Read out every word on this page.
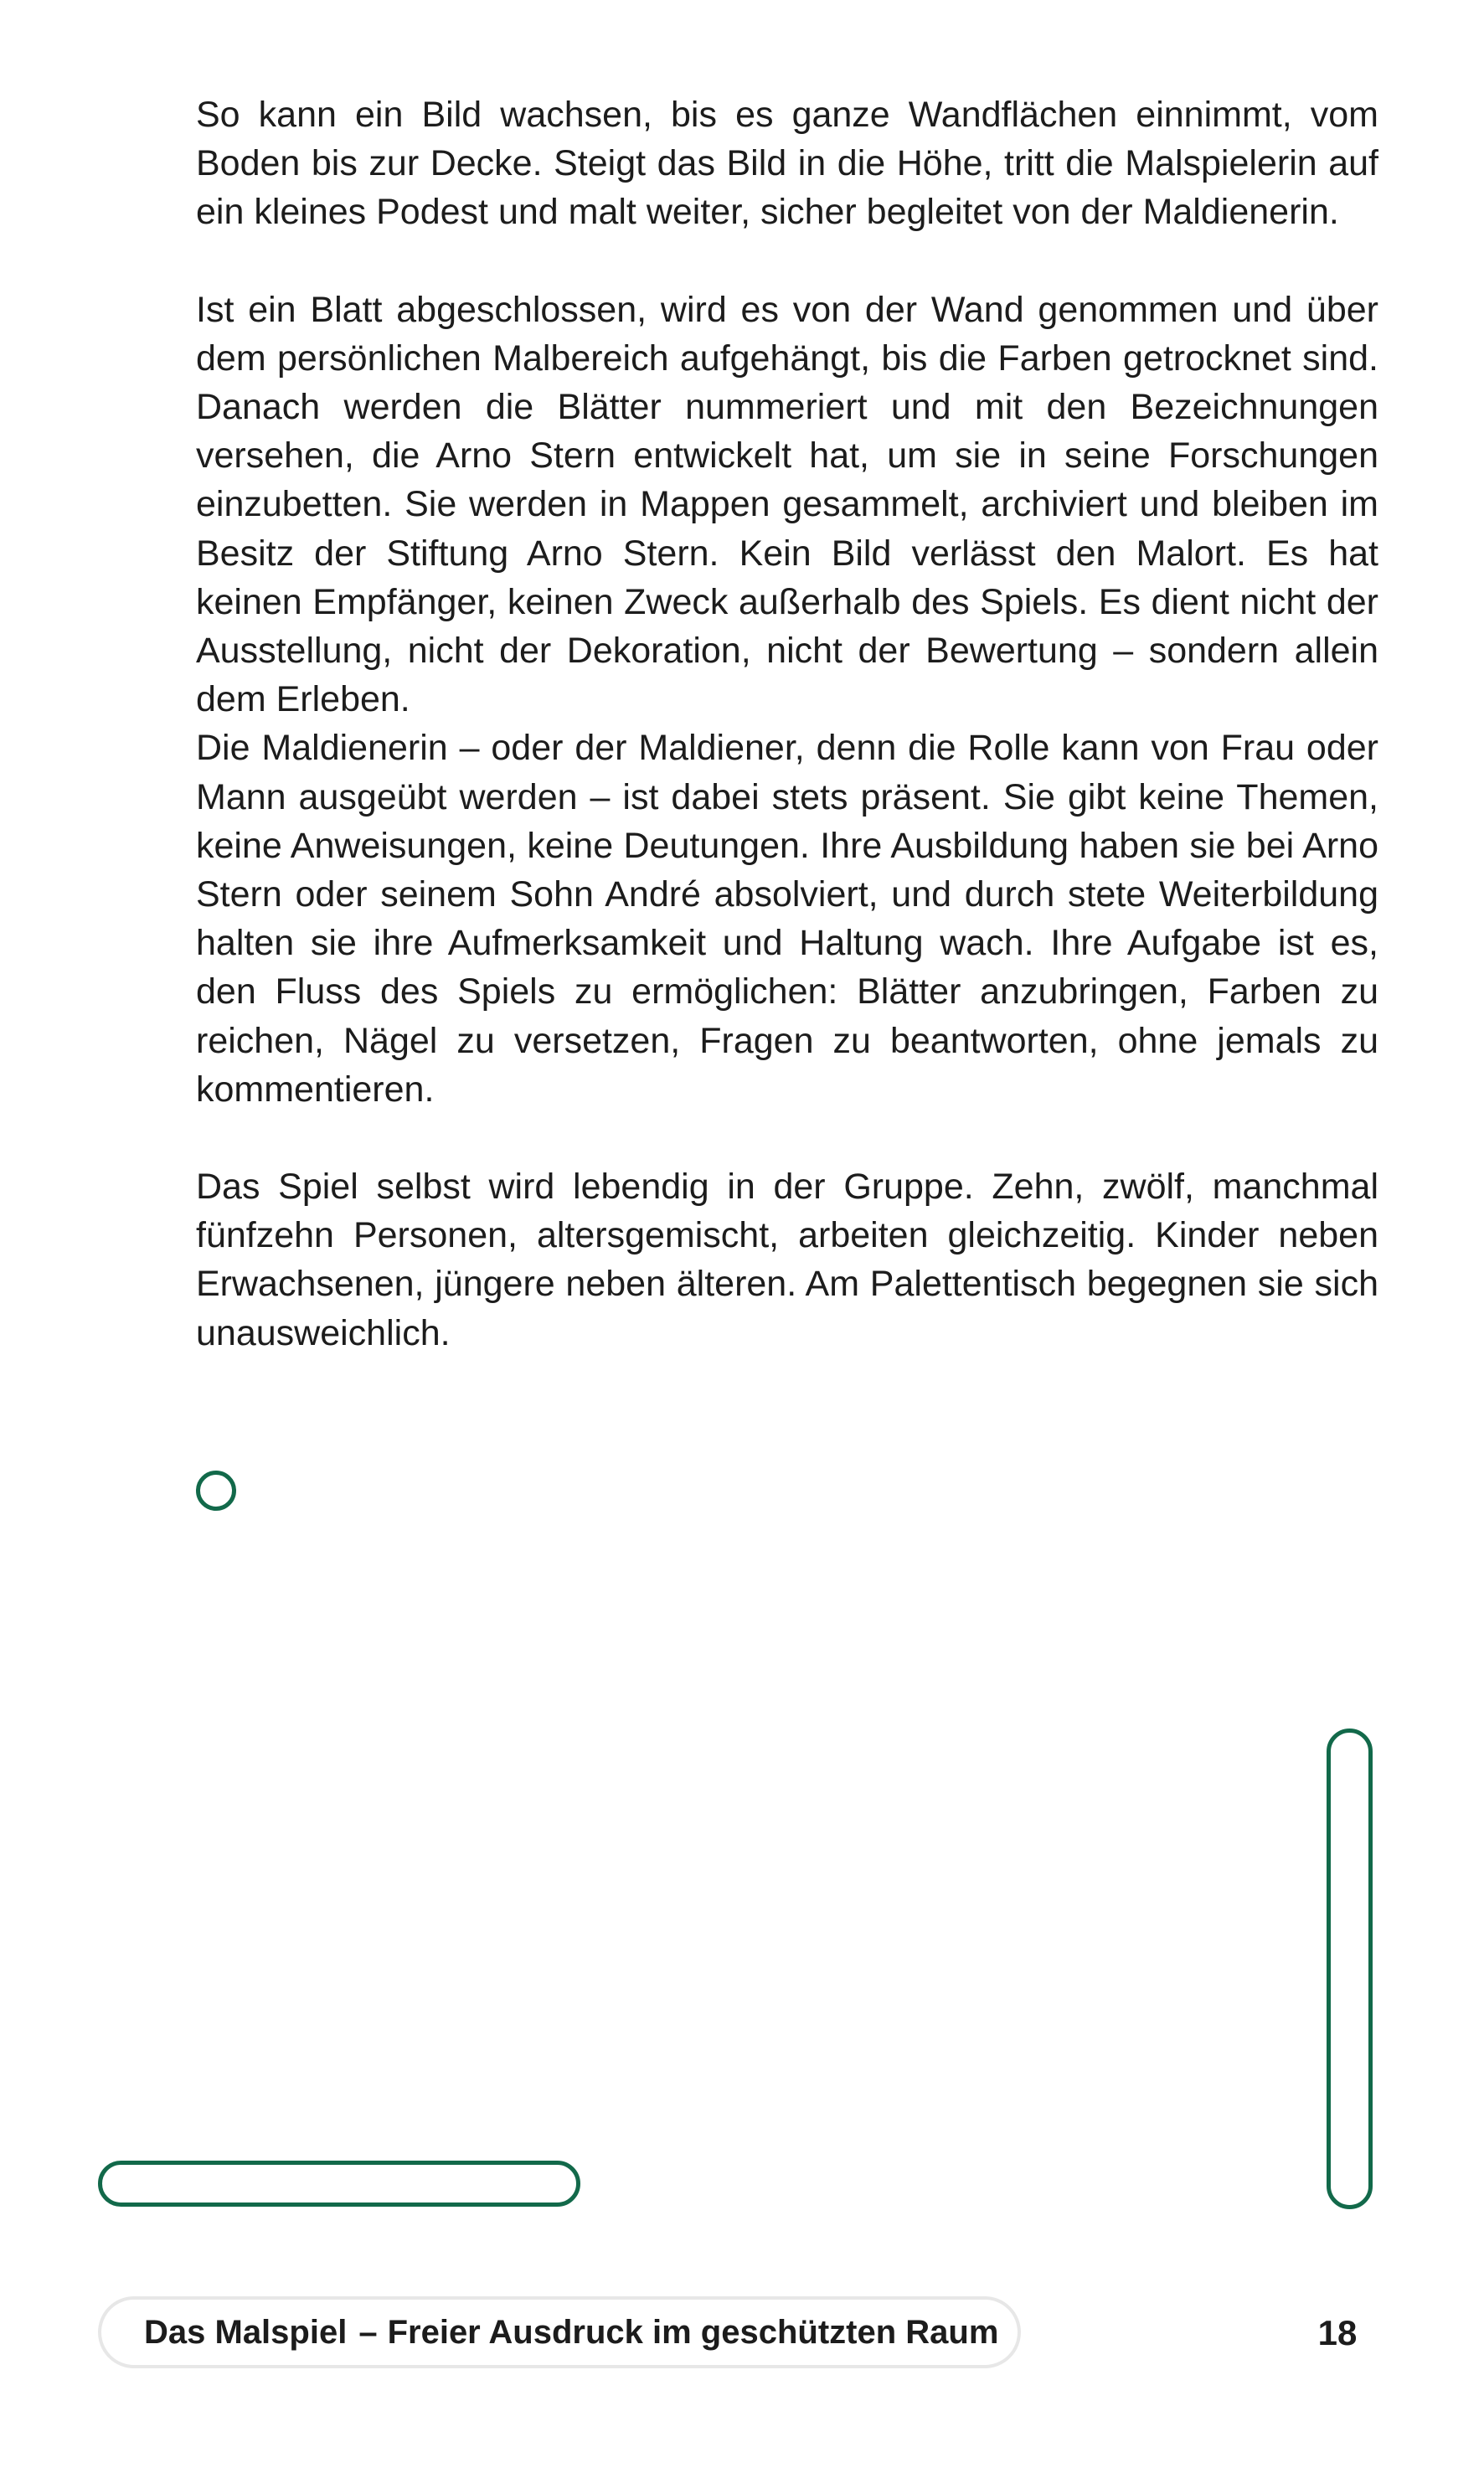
So kann ein Bild wachsen, bis es ganze Wandflächen einnimmt, vom Boden bis zur Decke. Steigt das Bild in die Höhe, tritt die Malspielerin auf ein kleines Podest und malt weiter, sicher begleitet von der Maldienerin.

Ist ein Blatt abgeschlossen, wird es von der Wand genommen und über dem persönlichen Malbereich aufgehängt, bis die Farben getrocknet sind. Danach werden die Blätter nummeriert und mit den Bezeichnungen versehen, die Arno Stern entwickelt hat, um sie in seine Forschungen einzubetten. Sie werden in Mappen gesammelt, archiviert und bleiben im Besitz der Stiftung Arno Stern. Kein Bild verlässt den Malort. Es hat keinen Empfänger, keinen Zweck außerhalb des Spiels. Es dient nicht der Ausstellung, nicht der Dekoration, nicht der Bewertung – sondern allein dem Erleben.

Die Maldienerin – oder der Maldiener, denn die Rolle kann von Frau oder Mann ausgeübt werden – ist dabei stets präsent. Sie gibt keine Themen, keine Anweisungen, keine Deutungen. Ihre Ausbildung haben sie bei Arno Stern oder seinem Sohn André absolviert, und durch stete Weiterbildung halten sie ihre Aufmerksamkeit und Haltung wach. Ihre Aufgabe ist es, den Fluss des Spiels zu ermöglichen: Blätter anzubringen, Farben zu reichen, Nägel zu versetzen, Fragen zu beantworten, ohne jemals zu kommentieren.

Das Spiel selbst wird lebendig in der Gruppe. Zehn, zwölf, manchmal fünfzehn Personen, altersgemischt, arbeiten gleichzeitig. Kinder neben Erwachsenen, jüngere neben älteren. Am Palettentisch begegnen sie sich unausweichlich.

Das Malspiel – Freier Ausdruck im geschützten Raum	18
